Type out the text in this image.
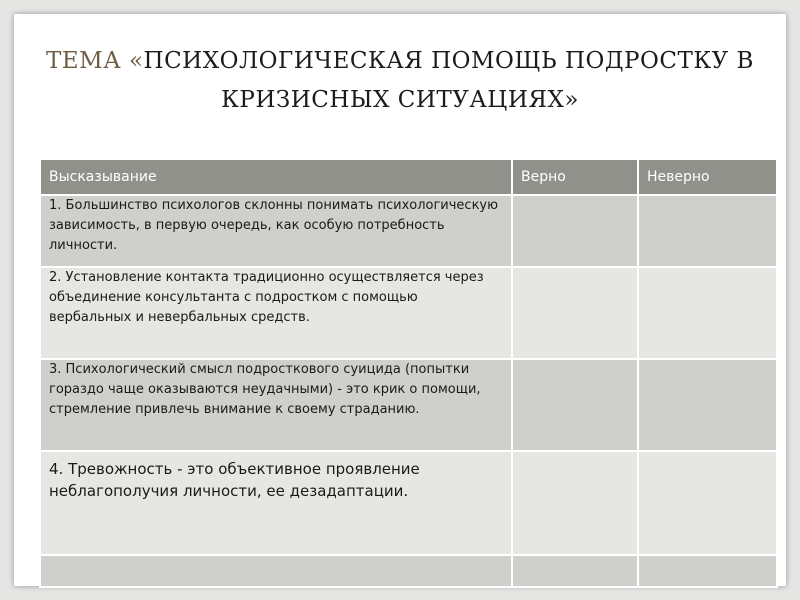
ТЕМА «ПСИХОЛОГИЧЕСКАЯ ПОМОЩЬ ПОДРОСТКУ В КРИЗИСНЫХ СИТУАЦИЯХ»
Высказывание	Верно	Неверно
1. Большинство психологов склонны понимать психологическую зависимость, в первую очередь, как особую потребность личности.		
2. Установление контакта традиционно осуществляется через объединение консультанта с подростком с помощью вербальных и невербальных средств.		
3. Психологический смысл подросткового суицида (попытки гораздо чаще оказываются неудачными) - это крик о помощи, стремление привлечь внимание к своему страданию.		
4. Тревожность - это объективное проявление неблагополучия личности, ее дезадаптации.		
